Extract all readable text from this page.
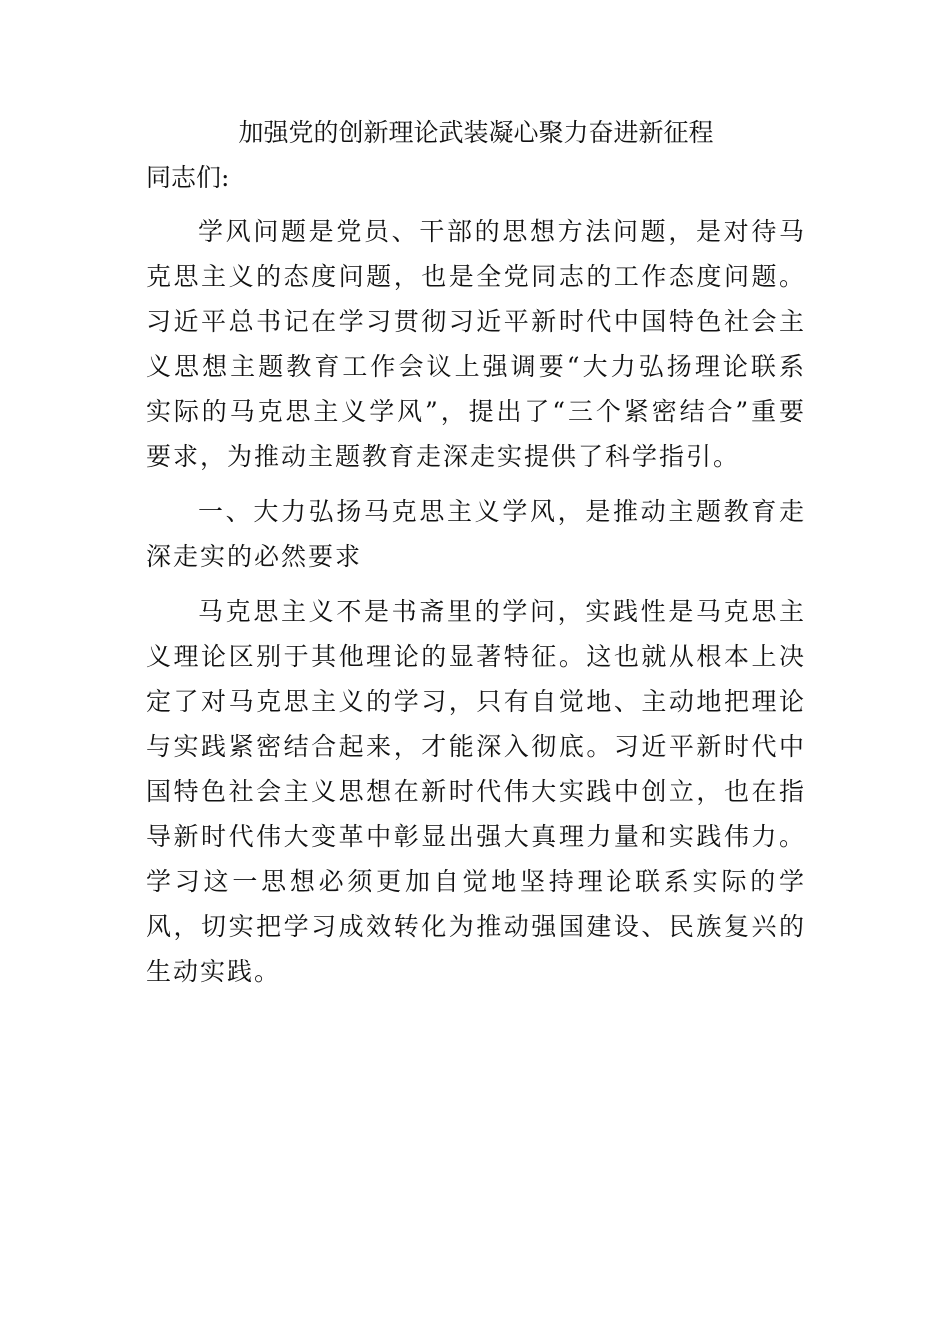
加强党的创新理论武装凝心聚力奋进新征程

同志们:

学风问题是党员、干部的思想方法问题，是对待马克思主义的态度问题，也是全党同志的工作态度问题。习近平总书记在学习贯彻习近平新时代中国特色社会主义思想主题教育工作会议上强调要“大力弘扬理论联系实际的马克思主义学风”，提出了“三个紧密结合”重要要求，为推动主题教育走深走实提供了科学指引。

一、大力弘扬马克思主义学风，是推动主题教育走深走实的必然要求

马克思主义不是书斋里的学问，实践性是马克思主义理论区别于其他理论的显著特征。这也就从根本上决定了对马克思主义的学习，只有自觉地、主动地把理论与实践紧密结合起来，才能深入彻底。习近平新时代中国特色社会主义思想在新时代伟大实践中创立，也在指导新时代伟大变革中彰显出强大真理力量和实践伟力。学习这一思想必须更加自觉地坚持理论联系实际的学风，切实把学习成效转化为推动强国建设、民族复兴的生动实践。
